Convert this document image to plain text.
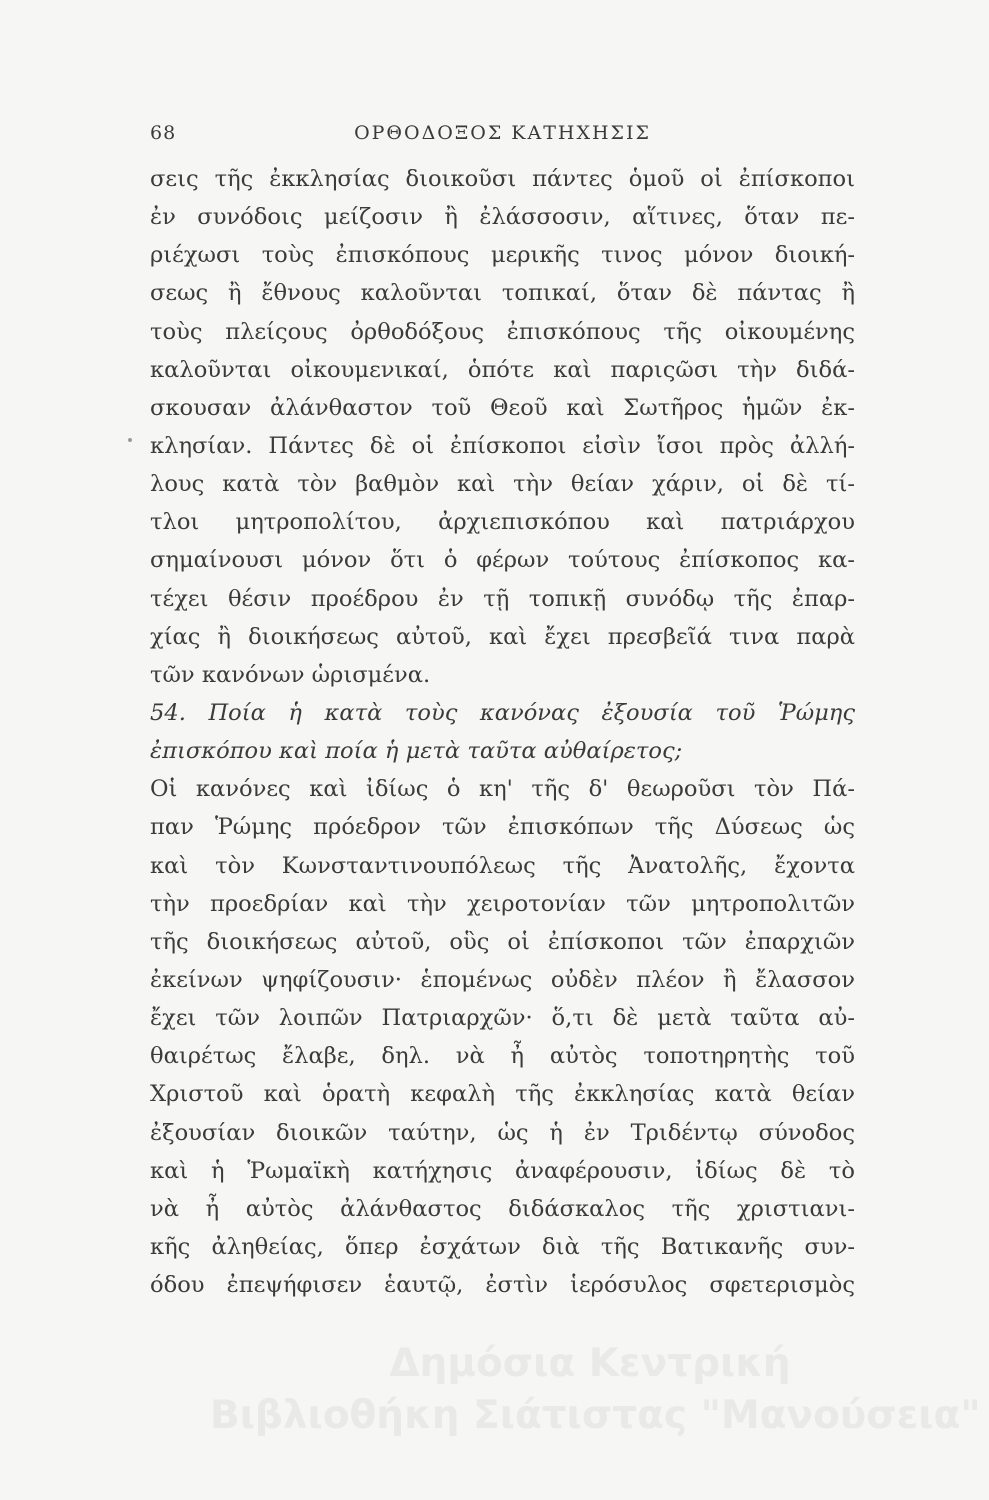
68	ΟΡΘΟΔΟΞΟΣ ΚΑΤΗΧΗΣΙΣ
σεις τῆς ἐκκλησίας διοικοῦσι πάντες ὁμοῦ οἱ ἐπίσκοποι
ἐν συνόδοις μείζοσιν ἢ ἐλάσσοσιν, αἵτινες, ὅταν πε-
ριέχωσι τοὺς ἐπισκόπους μερικῆς τινος μόνον διοική-
σεως ἢ ἔθνους καλοῦνται τοπικαί, ὅταν δὲ πάντας ἢ
τοὺς πλείςους ὀρθοδόξους ἐπισκόπους τῆς οἰκουμένης
καλοῦνται οἰκουμενικαί, ὁπότε καὶ παριςῶσι τὴν διδά-
σκουσαν ἀλάνθαστον τοῦ Θεοῦ καὶ Σωτῆρος ἡμῶν ἐκ-
κλησίαν. Πάντες δὲ οἱ ἐπίσκοποι εἰσὶν ἴσοι πρὸς ἀλλή-
λους κατὰ τὸν βαθμὸν καὶ τὴν θείαν χάριν, οἱ δὲ τί-
τλοι μητροπολίτου, ἀρχιεπισκόπου καὶ πατριάρχου
σημαίνουσι μόνον ὅτι ὁ φέρων τούτους ἐπίσκοπος κα-
τέχει θέσιν προέδρου ἐν τῇ τοπικῇ συνόδῳ τῆς ἐπαρ-
χίας ἢ διοικήσεως αὐτοῦ, καὶ ἔχει πρεσβεῖά τινα παρὰ
τῶν κανόνων ὡρισμένα.
54. Ποία ἡ κατὰ τοὺς κανόνας ἐξουσία τοῦ Ῥώμης
ἐπισκόπου καὶ ποία ἡ μετὰ ταῦτα αὐθαίρετος;
Οἱ κανόνες καὶ ἰδίως ὁ κη' τῆς δ' θεωροῦσι τὸν Πά-
παν Ῥώμης πρόεδρον τῶν ἐπισκόπων τῆς Δύσεως ὡς
καὶ τὸν Κωνσταντινουπόλεως τῆς Ἀνατολῆς, ἔχοντα
τὴν προεδρίαν καὶ τὴν χειροτονίαν τῶν μητροπολιτῶν
τῆς διοικήσεως αὐτοῦ, οὓς οἱ ἐπίσκοποι τῶν ἐπαρχιῶν
ἐκείνων ψηφίζουσιν· ἑπομένως οὐδὲν πλέον ἢ ἔλασσον
ἔχει τῶν λοιπῶν Πατριαρχῶν· ὅ,τι δὲ μετὰ ταῦτα αὐ-
θαιρέτως ἔλαβε, δηλ. νὰ ἦ αὐτὸς τοποτηρητὴς τοῦ
Χριστοῦ καὶ ὁρατὴ κεφαλὴ τῆς ἐκκλησίας κατὰ θείαν
ἐξουσίαν διοικῶν ταύτην, ὡς ἡ ἐν Τριδέντῳ σύνοδος
καὶ ἡ Ῥωμαϊκὴ κατήχησις ἀναφέρουσιν, ἰδίως δὲ τὸ
νὰ ἦ αὐτὸς ἀλάνθαστος διδάσκαλος τῆς χριστιανι-
κῆς ἀληθείας, ὅπερ ἐσχάτων διὰ τῆς Βατικανῆς συν-
όδου ἐπεψήφισεν ἑαυτῷ, ἐστὶν ἱερόσυλος σφετερισμὸς
Δημόσια Κεντρική
Βιβλιοθήκη Σιάτιστας "Μανούσεια"
